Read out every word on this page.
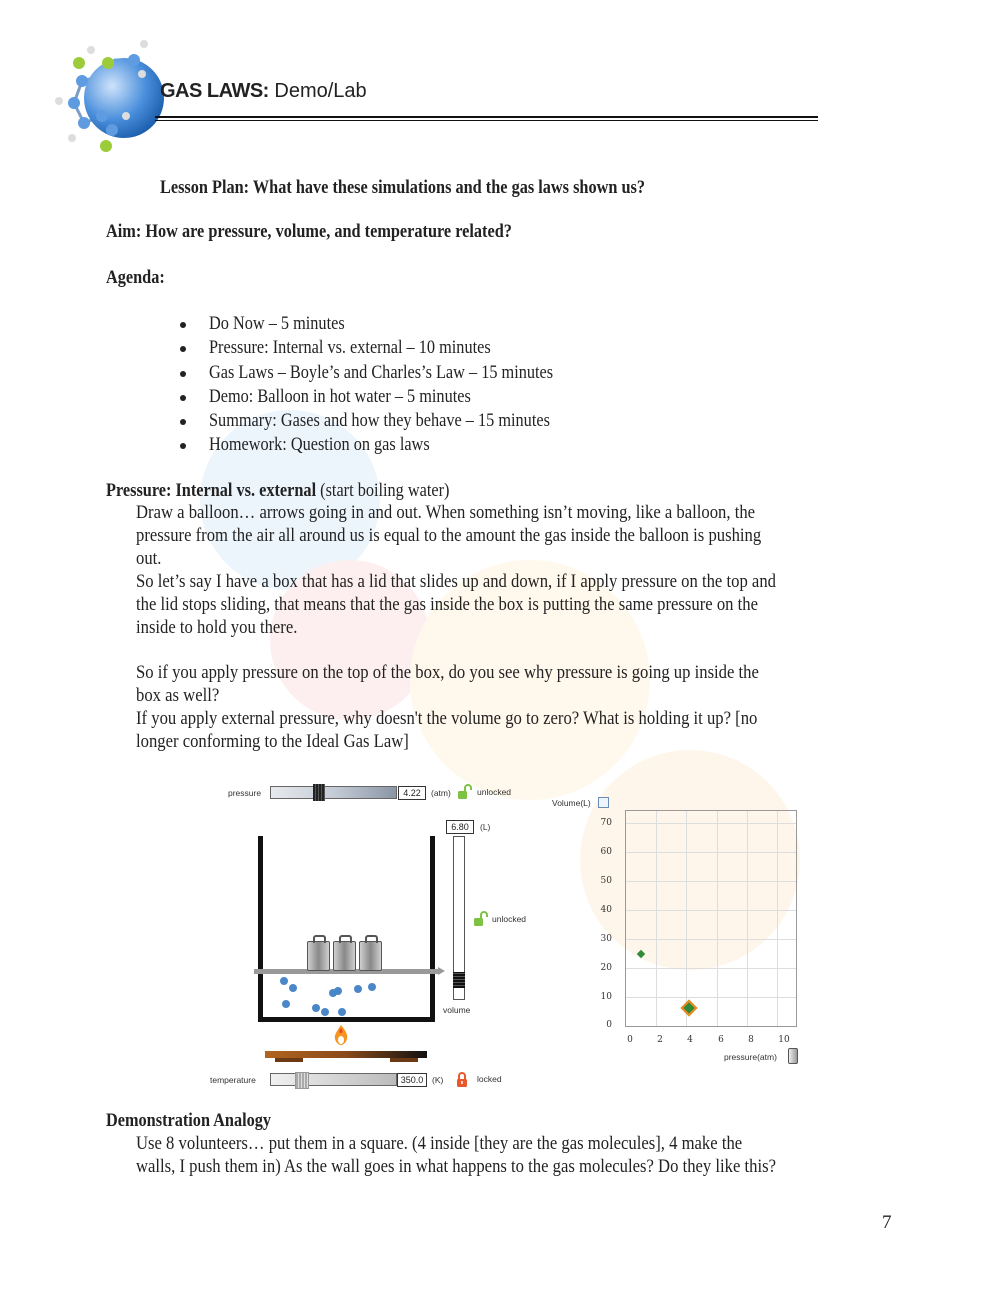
GAS LAWS: Demo/Lab
Lesson Plan: What have these simulations and the gas laws shown us?
Aim: How are pressure, volume, and temperature related?
Agenda:
Do Now – 5 minutes
Pressure: Internal vs. external – 10 minutes
Gas Laws – Boyle’s and Charles’s Law – 15 minutes
Demo: Balloon in hot water – 5 minutes
Summary: Gases and how they behave – 15 minutes
Homework: Question on gas laws
Pressure: Internal vs. external (start boiling water)
Draw a balloon… arrows going in and out. When something isn’t moving, like a balloon, the
pressure from the air all around us is equal to the amount the gas inside the balloon is pushing
out.
So let’s say I have a box that has a lid that slides up and down, if I apply pressure on the top and
the lid stops sliding, that means that the gas inside the box is putting the same pressure on the
inside to hold you there.
So if you apply pressure on the top of the box, do you see why pressure is going up inside the
box as well?
If you apply external pressure, why doesn't the volume go to zero? What is holding it up? [no
longer conforming to the Ideal Gas Law]
pressure	4.22	(atm)	unlocked
6.80	(L)
unlocked
volume
temperature	350.0	(K)	locked
Volume(L)
70
60
50
40
30
20
10
0
0	2	4	6	8	10
pressure(atm)
Demonstration Analogy
Use 8 volunteers… put them in a square. (4 inside [they are the gas molecules], 4 make the
walls, I push them in) As the wall goes in what happens to the gas molecules? Do they like this?
7
